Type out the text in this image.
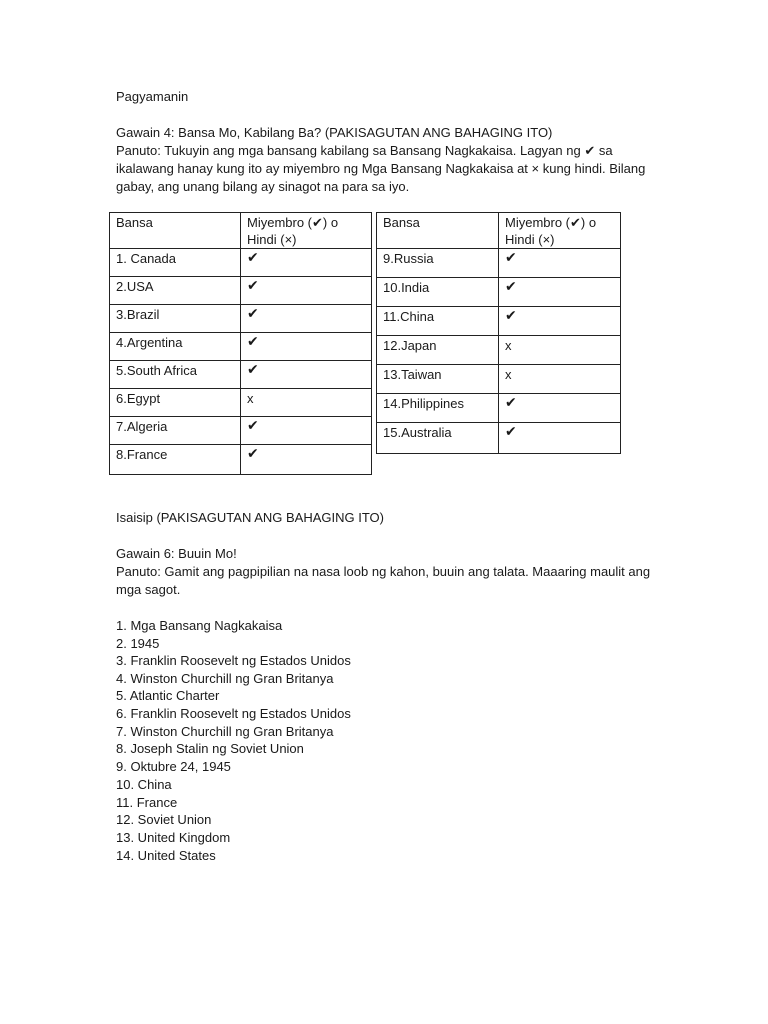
Pagyamanin
Gawain 4: Bansa Mo, Kabilang Ba? (PAKISAGUTAN ANG BAHAGING ITO)
Panuto: Tukuyin ang mga bansang kabilang sa Bansang Nagkakaisa. Lagyan ng ✔ sa ikalawang hanay kung ito ay miyembro ng Mga Bansang Nagkakaisa at × kung hindi. Bilang gabay, ang unang bilang ay sinagot na para sa iyo.
Bansa	Miyembro (✔) o Hindi (×)
1. Canada	✔
2.USA	✔
3.Brazil	✔
4.Argentina	✔
5.South Africa	✔
6.Egypt	x
7.Algeria	✔
8.France	✔
Bansa	Miyembro (✔) o Hindi (×)
9.Russia	✔
10.India	✔
11.China	✔
12.Japan	x
13.Taiwan	x
14.Philippines	✔
15.Australia	✔
Isaisip (PAKISAGUTAN ANG BAHAGING ITO)
Gawain 6: Buuin Mo!
Panuto: Gamit ang pagpipilian na nasa loob ng kahon, buuin ang talata. Maaaring maulit ang mga sagot.
1. Mga Bansang Nagkakaisa
2. 1945
3. Franklin Roosevelt ng Estados Unidos
4. Winston Churchill ng Gran Britanya
5. Atlantic Charter
6. Franklin Roosevelt ng Estados Unidos
7. Winston Churchill ng Gran Britanya
8. Joseph Stalin ng Soviet Union
9. Oktubre 24, 1945
10. China
11. France
12. Soviet Union
13. United Kingdom
14. United States
